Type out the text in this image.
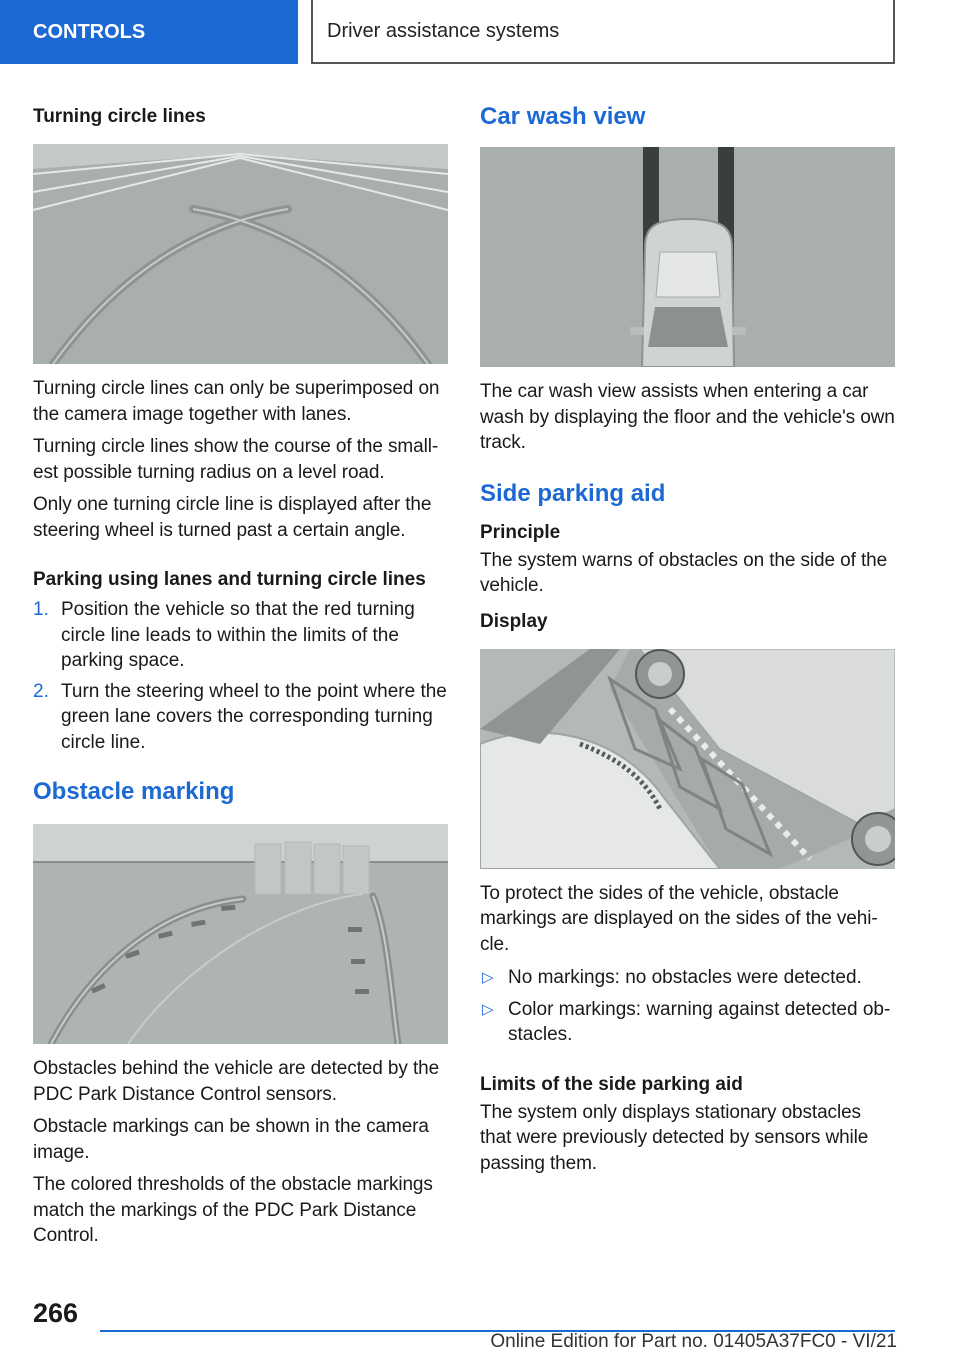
CONTROLS	Driver assistance systems

Turning circle lines

Turning circle lines can only be superimposed on the camera image together with lanes.

Turning circle lines show the course of the smallest possible turning radius on a level road.

Only one turning circle line is displayed after the steering wheel is turned past a certain angle.

Parking using lanes and turning circle lines

1. Position the vehicle so that the red turning circle line leads to within the limits of the parking space.
2. Turn the steering wheel to the point where the green lane covers the corresponding turning circle line.
Obstacle marking

Obstacles behind the vehicle are detected by the PDC Park Distance Control sensors.

Obstacle markings can be shown in the camera image.

The colored thresholds of the obstacle markings match the markings of the PDC Park Distance Control.

Car wash view

The car wash view assists when entering a car wash by displaying the floor and the vehicle's own track.

Side parking aid

Principle

The system warns of obstacles on the side of the vehicle.

Display

To protect the sides of the vehicle, obstacle markings are displayed on the sides of the vehicle.

▷ No markings: no obstacles were detected.
▷ Color markings: warning against detected obstacles.

Limits of the side parking aid

The system only displays stationary obstacles that were previously detected by sensors while passing them.

266
Online Edition for Part no. 01405A37FC0 - VI/21
